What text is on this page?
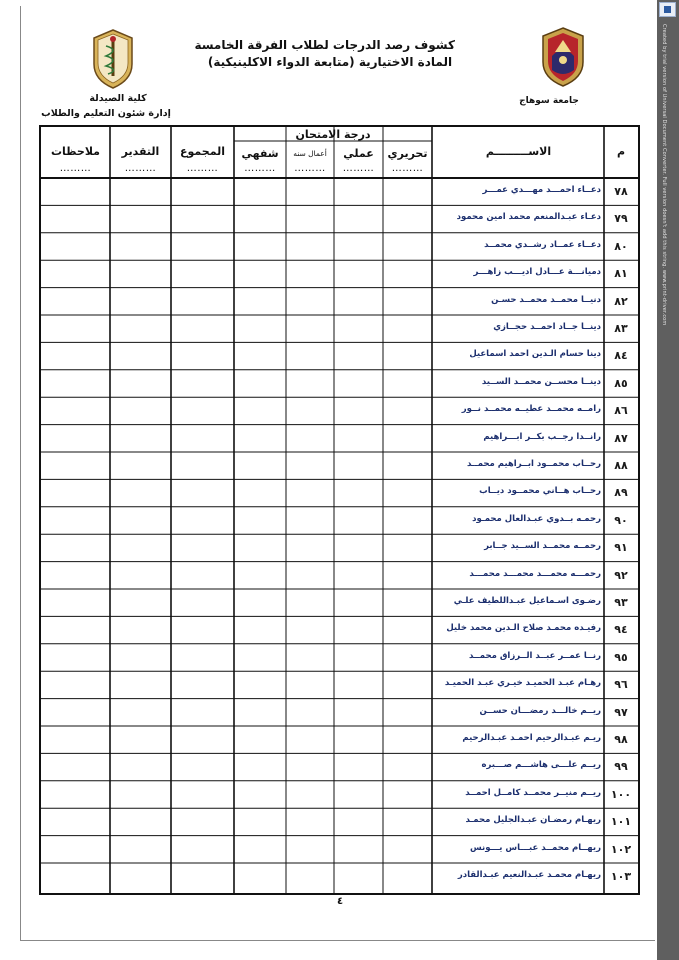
Created by trial version of Universal Document Converter. Full version doesn't add this string. www.print-driver.com
كشوف رصد الدرجات لطلاب الفرقة الخامسة
المادة الاختيارية (متابعة الدواء الاكلينيكية)
كلية الصيدلة
إدارة شئون التعليم والطلاب
جامعة سوهاج
م
الاســـــــــم
درجة الامتحان
تحريري
عملي
أعمال سنه
شفهي
المجموع
التقدير
ملاحظات
………
………
………
………
………
………
………
٧٨
دعــاء احمـــد مهـــدي عمـــر
٧٩
دعـاء عبـدالمنعم محمد امين محمود
٨٠
دعــاء عمــاد رشــدي محمــد
٨١
دميانـــة عـــادل اديـــب زاهـــر
٨٢
دنيــا محمــد محمــد حسـن
٨٣
دينــا جــاد احمــد حجــازي
٨٤
دينا حسام الـدين احمد اسماعيل
٨٥
دينــا محســن محمــد الســيد
٨٦
رامــه محمــد عطيــه محمــد نــور
٨٧
رانــدا رجــب بكــر ابـــراهيم
٨٨
رحــاب محمــود ابــراهيم محمــد
٨٩
رحــاب هــاني محمــود ديــاب
٩٠
رحمـه بــدوي عبـدالعال محمـود
٩١
رحمــه محمــد الســيد جــابر
٩٢
رحمـــه محمـــد محمـــد محمـــد
٩٣
رضـوى اسـماعيل عبـداللطيف علـي
٩٤
رفيـده محمـد صلاح الـدين محمد خليل
٩٥
رنــا عمــر عبــد الــرزاق محمــد
٩٦
رهـام عبـد الحميـد خيـري عبـد الحميـد
٩٧
ريــم خالـــد رمضـــان حســن
٩٨
ريـم عبـدالرحيم احمـد عبـدالرحيم
٩٩
ريــم علـــى هاشـــم صـــبره
١٠٠
ريــم منيــر محمــد كامــل احمــد
١٠١
ريهـام رمضـان عبـدالجليل محمـد
١٠٢
ريهــام محمــد عبـــاس يـــونس
١٠٣
ريهـام محمـد عبـدالنعيم عبـدالقادر
٤
